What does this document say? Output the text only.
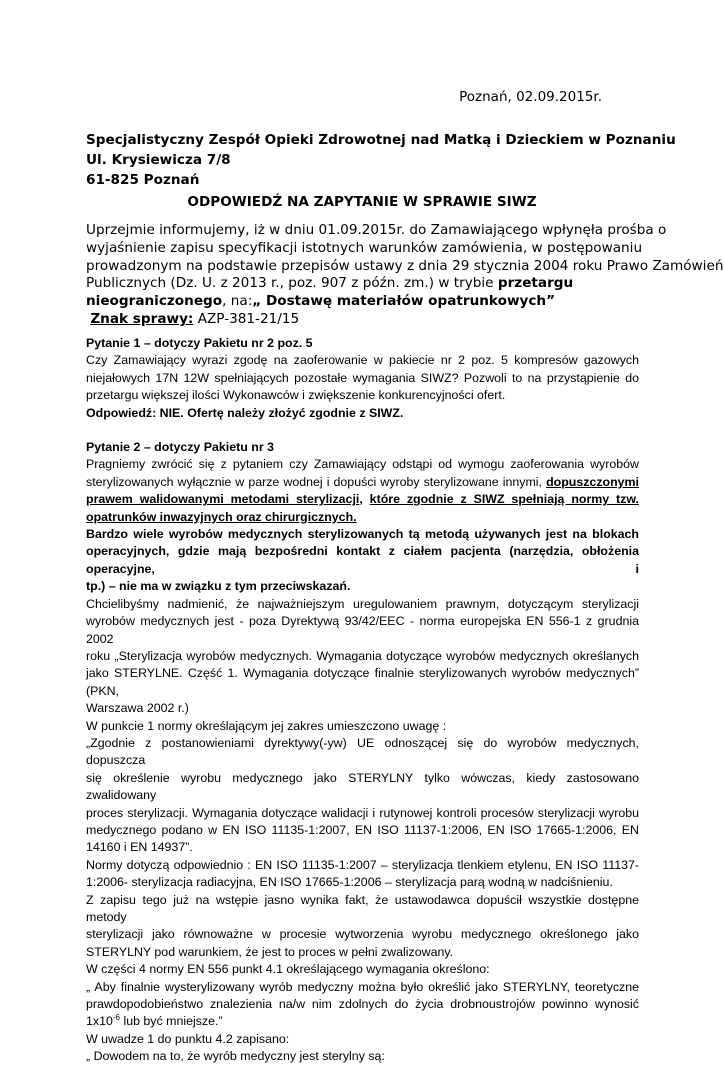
Poznań, 02.09.2015r.
Specjalistyczny Zespół Opieki Zdrowotnej nad Matką i Dzieckiem w Poznaniu
Ul. Krysiewicza 7/8
61-825 Poznań
ODPOWIEDŹ NA ZAPYTANIE W SPRAWIE SIWZ

Uprzejmie informujemy, iż w dniu 01.09.2015r. do Zamawiającego wpłynęła prośba o

wyjaśnienie zapisu specyfikacji istotnych warunków zamówienia, w postępowaniu

prowadzonym na podstawie przepisów ustawy z dnia 29 stycznia 2004 roku Prawo Zamówień

Publicznych (Dz. U. z 2013 r., poz. 907 z późn. zm.) w trybie przetargu

nieograniczonego, na:„ Dostawę materiałów opatrunkowych”

Znak sprawy: AZP-381-21/15

Pytanie 1 – dotyczy Pakietu nr 2 poz. 5
Czy Zamawiający wyrazi zgodę na zaoferowanie w pakiecie nr 2 poz. 5 kompresów gazowych
niejałowych 17N 12W spełniających pozostałe wymagania SIWZ? Pozwoli to na przystąpienie do
przetargu większej ilości Wykonawców i zwiększenie konkurencyjności ofert.
Odpowiedź: NIE. Ofertę należy złożyć zgodnie z SIWZ.
Pytanie 2 – dotyczy Pakietu nr 3
Pragniemy zwrócić się z pytaniem czy Zamawiający odstąpi od wymogu zaoferowania wyrobów
sterylizowanych wyłącznie w parze wodnej i dopuści wyroby sterylizowane innymi, dopuszczonymi
prawem walidowanymi metodami sterylizacji, które zgodnie z SIWZ spełniają normy tzw.
opatrunków inwazyjnych oraz chirurgicznych.
Bardzo wiele wyrobów medycznych sterylizowanych tą metodą używanych jest na blokach
operacyjnych, gdzie mają bezpośredni kontakt z ciałem pacjenta (narzędzia, obłożenia operacyjne, i
tp.) – nie ma w związku z tym przeciwskazań.
Chcielibyśmy nadmienić, że najważniejszym uregulowaniem prawnym, dotyczącym sterylizacji
wyrobów medycznych jest - poza Dyrektywą 93/42/EEC - norma europejska EN 556-1 z grudnia 2002
roku „Sterylizacja wyrobów medycznych. Wymagania dotyczące wyrobów medycznych określanych
jako STERYLNE. Część 1. Wymagania dotyczące finalnie sterylizowanych wyrobów medycznych” (PKN,
Warszawa 2002 r.)
W punkcie 1 normy określającym jej zakres umieszczono uwagę :
„Zgodnie z postanowieniami dyrektywy(-yw) UE odnoszącej się do wyrobów medycznych, dopuszcza
się określenie wyrobu medycznego jako STERYLNY tylko wówczas, kiedy zastosowano zwalidowany
proces sterylizacji. Wymagania dotyczące walidacji i rutynowej kontroli procesów sterylizacji wyrobu
medycznego podano w EN ISO 11135-1:2007, EN ISO 11137-1:2006, EN ISO 17665-1:2006, EN
14160 i EN 14937”.
Normy dotyczą odpowiednio : EN ISO 11135-1:2007 – sterylizacja tlenkiem etylenu, EN ISO 11137-
1:2006- sterylizacja radiacyjna, EN ISO 17665-1:2006 – sterylizacja parą wodną w nadciśnieniu.
Z zapisu tego już na wstępie jasno wynika fakt, że ustawodawca dopuścił wszystkie dostępne metody
sterylizacji jako równoważne w procesie wytworzenia wyrobu medycznego określonego jako
STERYLNY pod warunkiem, że jest to proces w pełni zwalizowany.
W części 4 normy EN 556 punkt 4.1 określającego wymagania określono:
„ Aby finalnie wysterylizowany wyrób medyczny można było określić jako STERYLNY, teoretyczne
prawdopodobieństwo znalezienia na/w nim zdolnych do życia drobnoustrojów powinno wynosić
$1x10^{-6}$ lub być mniejsze.”
W uwadze 1 do punktu 4.2 zapisano:
„ Dowodem na to, że wyrób medyczny jest sterylny są:
